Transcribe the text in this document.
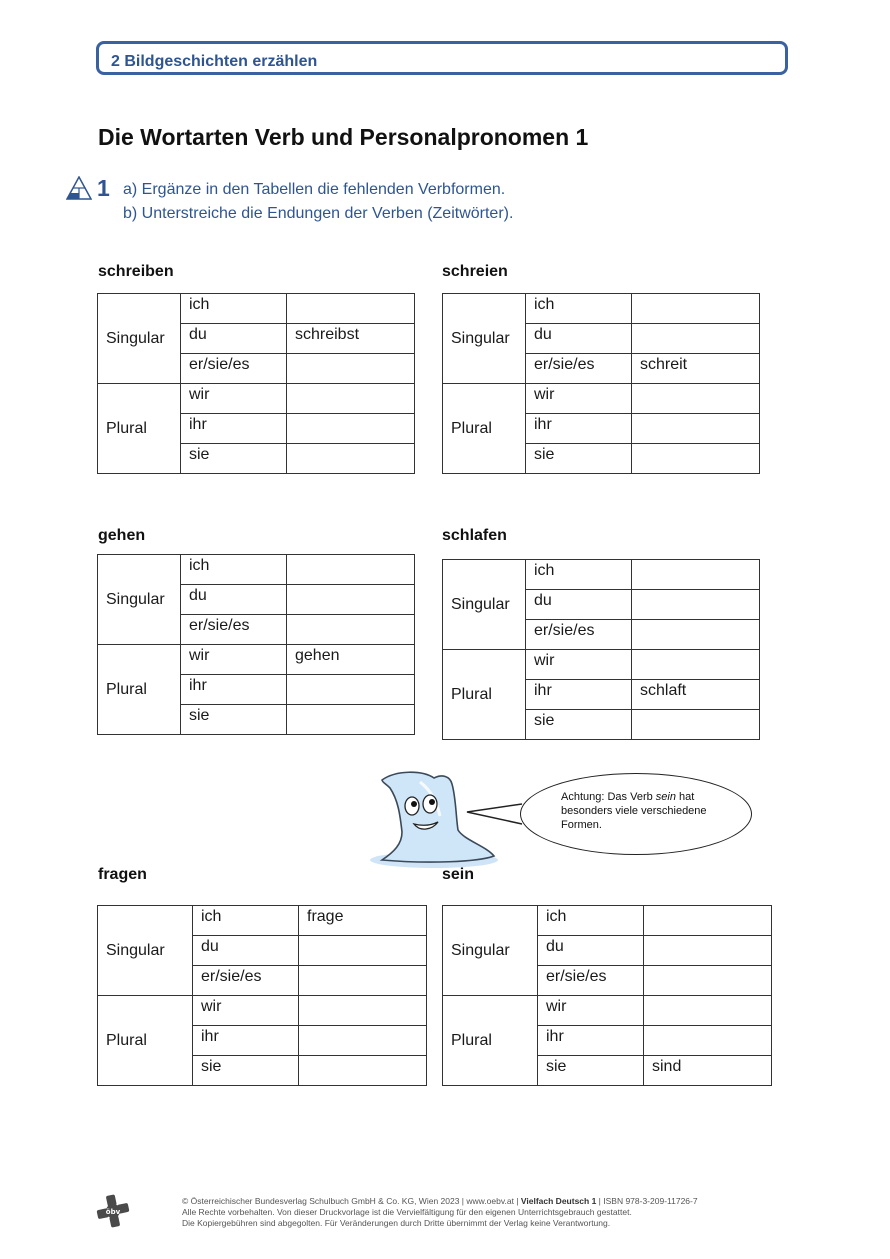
2 Bildgeschichten erzählen
Die Wortarten Verb und Personalpronomen 1
1 a) Ergänze in den Tabellen die fehlenden Verbformen.
b) Unterstreiche die Endungen der Verben (Zeitwörter).
schreiben
Singular	ich	
	du	schreibst
	er/sie/es	
Plural	wir	
	ihr	
	sie	
schreien
Singular	ich	
	du	
	er/sie/es	schreit
Plural	wir	
	ihr	
	sie	
gehen
Singular	ich	
	du	
	er/sie/es	
Plural	wir	gehen
	ihr	
	sie	
schlafen
Singular	ich	
	du	
	er/sie/es	
Plural	wir	
	ihr	schlaft
	sie	
Achtung: Das Verb sein hat besonders viele verschiedene Formen.
fragen
Singular	ich	frage
	du	
	er/sie/es	
Plural	wir	
	ihr	
	sie	
sein
Singular	ich	
	du	
	er/sie/es	
Plural	wir	
	ihr	
	sie	sind
öbv
© Österreichischer Bundesverlag Schulbuch GmbH & Co. KG, Wien 2023 | www.oebv.at | Vielfach Deutsch 1 | ISBN 978-3-209-11726-7
Alle Rechte vorbehalten. Von dieser Druckvorlage ist die Vervielfältigung für den eigenen Unterrichtsgebrauch gestattet.
Die Kopiergebühren sind abgegolten. Für Veränderungen durch Dritte übernimmt der Verlag keine Verantwortung.
